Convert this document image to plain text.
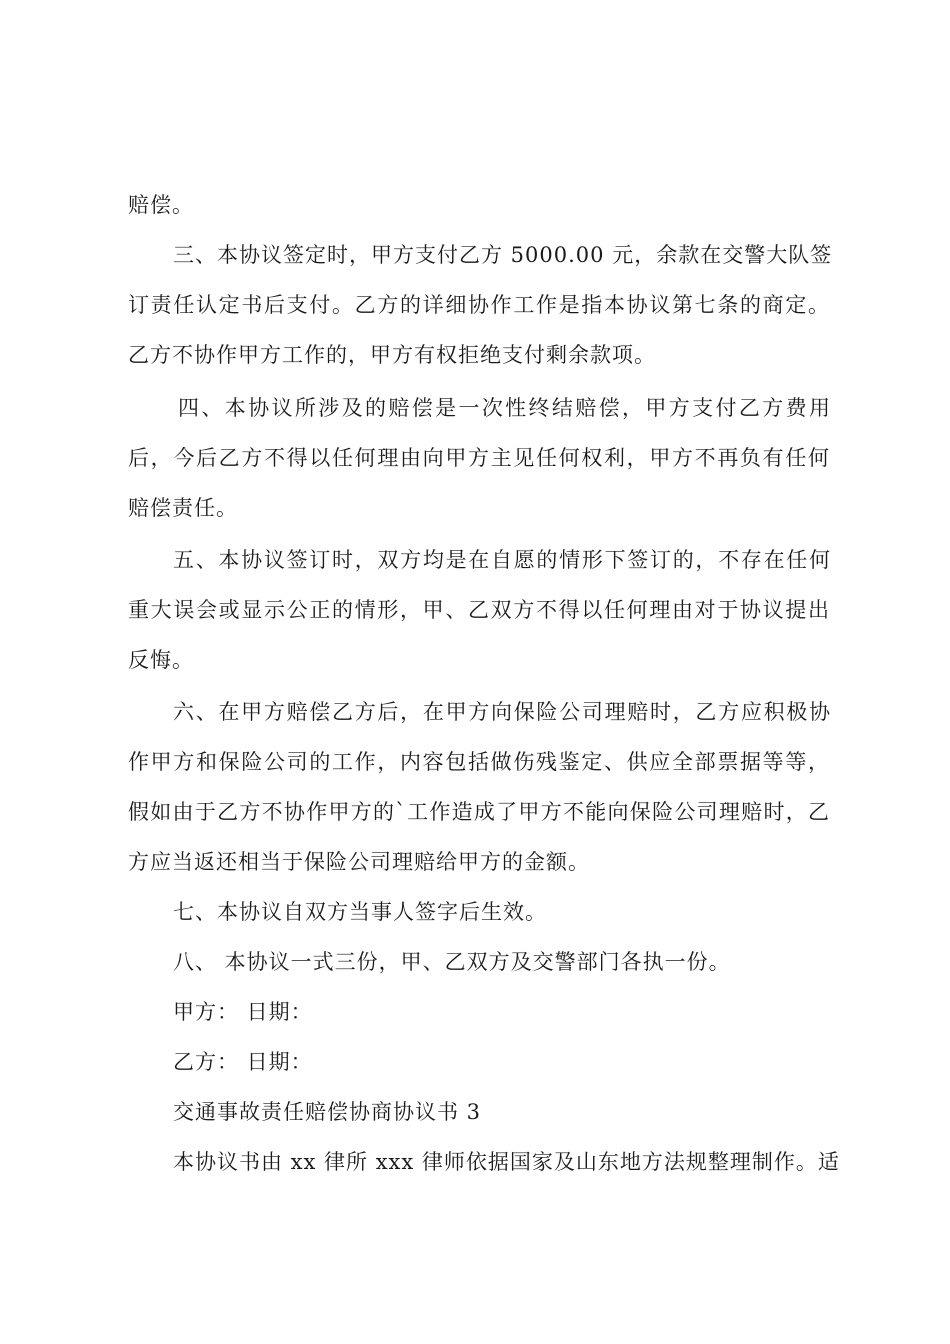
赔偿。
三、本协议签定时，甲方支付乙方 5000.00 元，余款在交警大队签
订责任认定书后支付。乙方的详细协作工作是指本协议第七条的商定。
乙方不协作甲方工作的，甲方有权拒绝支付剩余款项。
四、本协议所涉及的赔偿是一次性终结赔偿，甲方支付乙方费用
后，今后乙方不得以任何理由向甲方主见任何权利，甲方不再负有任何
赔偿责任。
五、本协议签订时，双方均是在自愿的情形下签订的，不存在任何
重大误会或显示公正的情形，甲、乙双方不得以任何理由对于协议提出
反悔。
六、在甲方赔偿乙方后，在甲方向保险公司理赔时，乙方应积极协
作甲方和保险公司的工作，内容包括做伤残鉴定、供应全部票据等等，
假如由于乙方不协作甲方的`工作造成了甲方不能向保险公司理赔时，乙
方应当返还相当于保险公司理赔给甲方的金额。
七、本协议自双方当事人签字后生效。
八、 本协议一式三份，甲、乙双方及交警部门各执一份。
甲方： 日期：
乙方： 日期：
交通事故责任赔偿协商协议书 3
本协议书由 xx 律所 xxx 律师依据国家及山东地方法规整理制作。适
